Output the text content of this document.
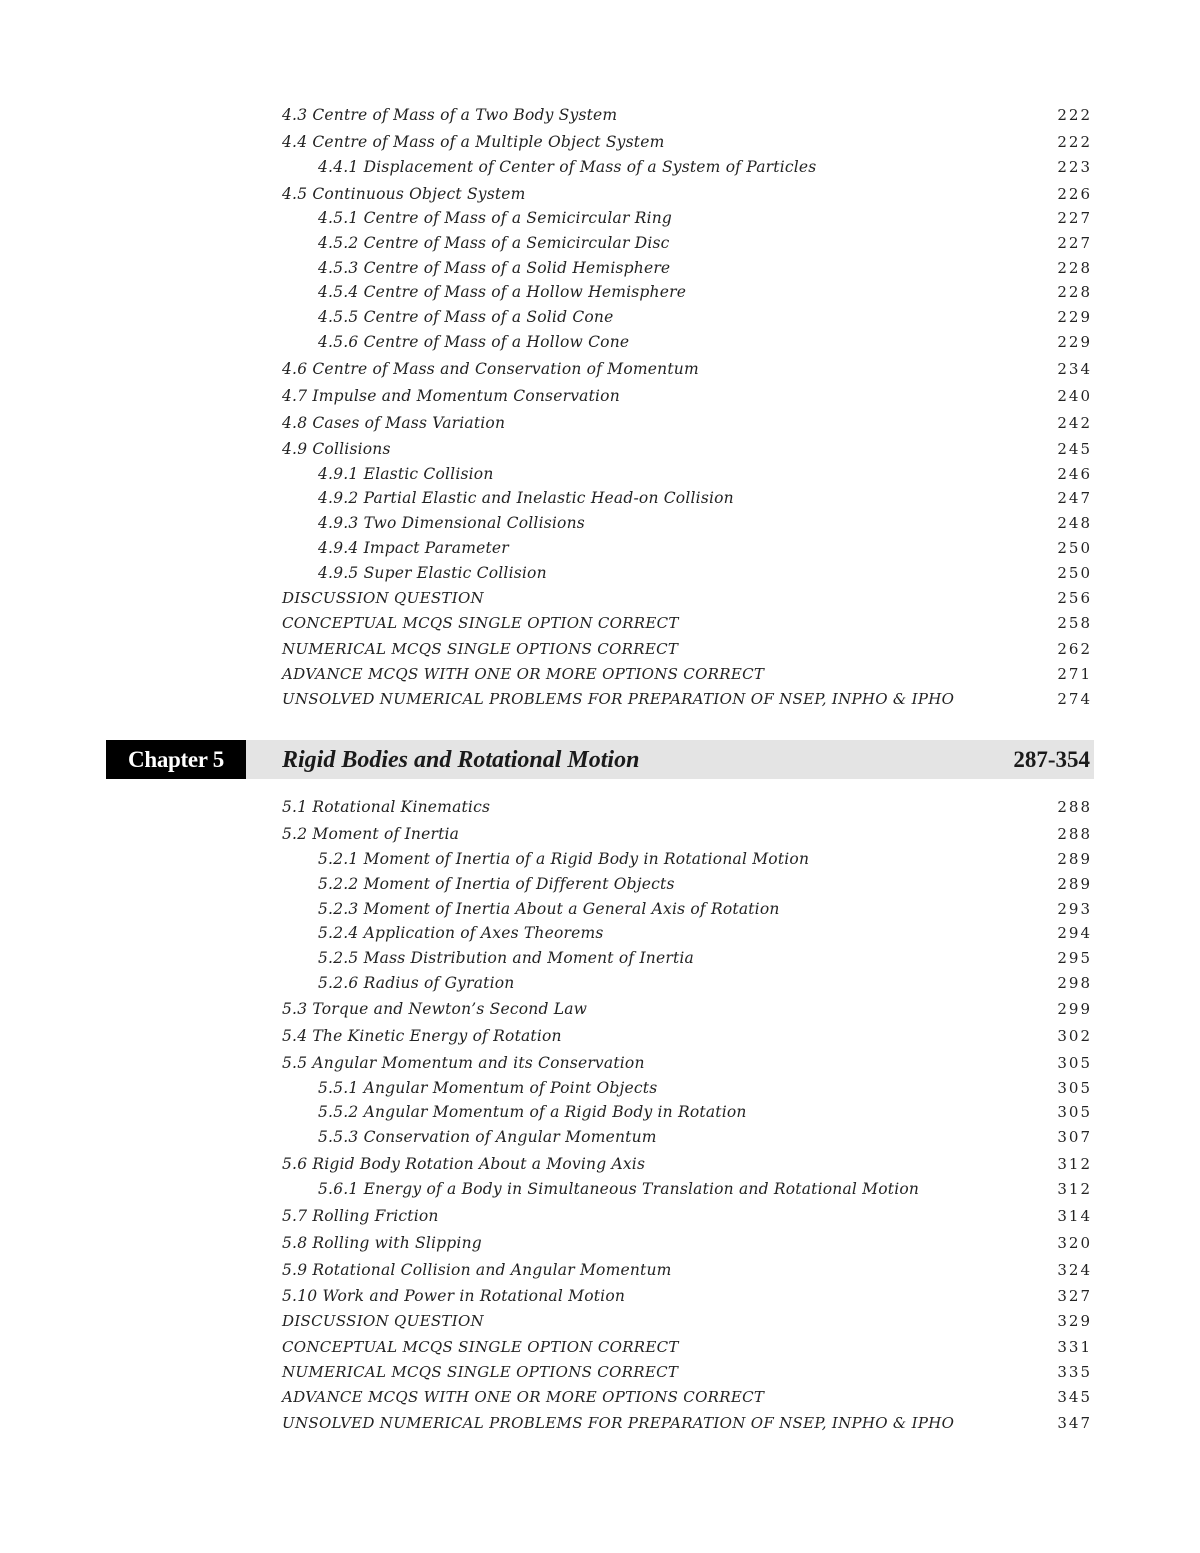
4.3 Centre of Mass of a Two Body System	222
4.4 Centre of Mass of a Multiple Object System	222
4.4.1 Displacement of Center of Mass of a System of Particles	223
4.5 Continuous Object System	226
4.5.1 Centre of Mass of a Semicircular Ring	227
4.5.2 Centre of Mass of a Semicircular Disc	227
4.5.3 Centre of Mass of a Solid Hemisphere	228
4.5.4 Centre of Mass of a Hollow Hemisphere	228
4.5.5 Centre of Mass of a Solid Cone	229
4.5.6 Centre of Mass of a Hollow Cone	229
4.6 Centre of Mass and Conservation of Momentum	234
4.7 Impulse and Momentum Conservation	240
4.8 Cases of Mass Variation	242
4.9 Collisions	245
4.9.1 Elastic Collision	246
4.9.2 Partial Elastic and Inelastic Head-on Collision	247
4.9.3 Two Dimensional Collisions	248
4.9.4 Impact Parameter	250
4.9.5 Super Elastic Collision	250
DISCUSSION QUESTION	256
CONCEPTUAL MCQS SINGLE OPTION CORRECT	258
NUMERICAL MCQS SINGLE OPTIONS CORRECT	262
ADVANCE MCQS WITH ONE OR MORE OPTIONS CORRECT	271
UNSOLVED NUMERICAL PROBLEMS FOR PREPARATION OF NSEP, INPHO & IPHO	274
Chapter 5	Rigid Bodies and Rotational Motion	287-354
5.1 Rotational Kinematics	288
5.2 Moment of Inertia	288
5.2.1 Moment of Inertia of a Rigid Body in Rotational Motion	289
5.2.2 Moment of Inertia of Different Objects	289
5.2.3 Moment of Inertia About a General Axis of Rotation	293
5.2.4 Application of Axes Theorems	294
5.2.5 Mass Distribution and Moment of Inertia	295
5.2.6 Radius of Gyration	298
5.3 Torque and Newton’s Second Law	299
5.4 The Kinetic Energy of Rotation	302
5.5 Angular Momentum and its Conservation	305
5.5.1 Angular Momentum of Point Objects	305
5.5.2 Angular Momentum of a Rigid Body in Rotation	305
5.5.3 Conservation of Angular Momentum	307
5.6 Rigid Body Rotation About a Moving Axis	312
5.6.1 Energy of a Body in Simultaneous Translation and Rotational Motion	312
5.7 Rolling Friction	314
5.8 Rolling with Slipping	320
5.9 Rotational Collision and Angular Momentum	324
5.10 Work and Power in Rotational Motion	327
DISCUSSION QUESTION	329
CONCEPTUAL MCQS SINGLE OPTION CORRECT	331
NUMERICAL MCQS SINGLE OPTIONS CORRECT	335
ADVANCE MCQS WITH ONE OR MORE OPTIONS CORRECT	345
UNSOLVED NUMERICAL PROBLEMS FOR PREPARATION OF NSEP, INPHO & IPHO	347
